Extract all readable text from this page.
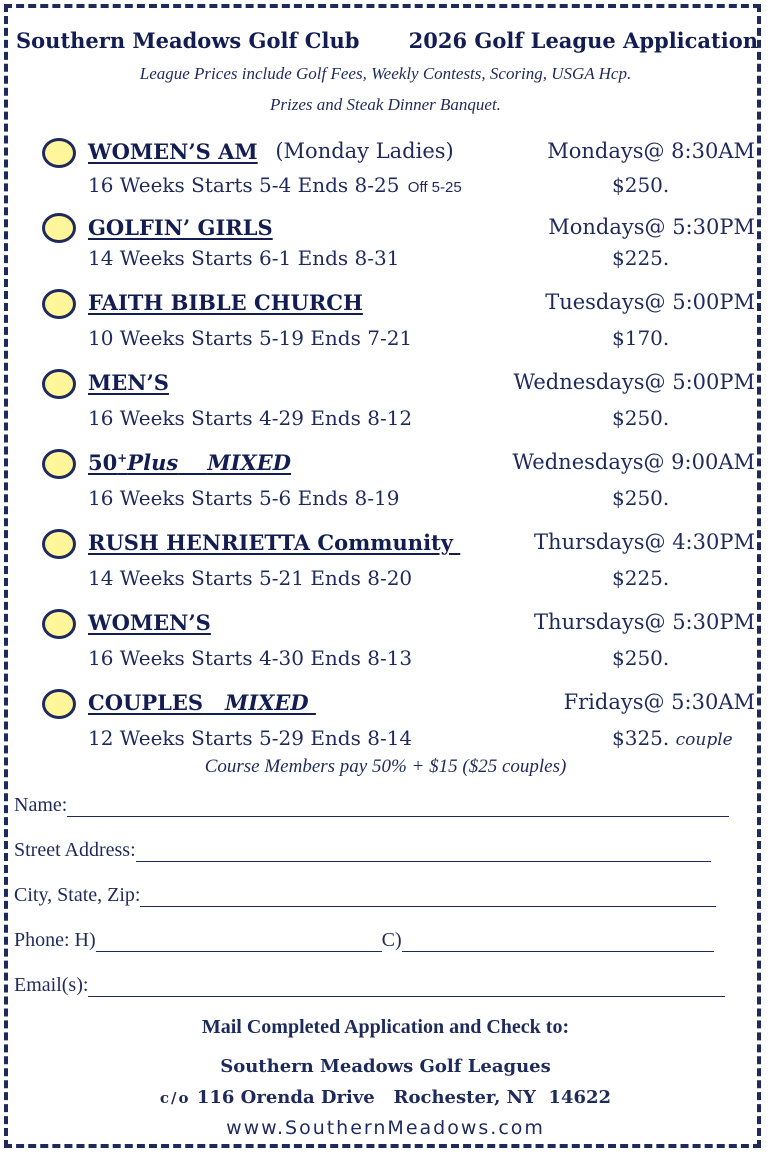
Southern Meadows Golf Club 2026 Golf League Application
League Prices include Golf Fees, Weekly Contests, Scoring, USGA Hcp.
Prizes and Steak Dinner Banquet.
WOMEN’S AM (Monday Ladies)	Mondays@ 8:30AM
16 Weeks Starts 5-4 Ends 8-25  Off 5-25	$250.
GOLFIN’ GIRLS	Mondays@ 5:30PM
14 Weeks Starts 6-1 Ends 8-31	$225.
FAITH BIBLE CHURCH	Tuesdays@ 5:00PM
10 Weeks Starts 5-19 Ends 7-21	$170.
MEN’S	Wednesdays@ 5:00PM
16 Weeks Starts 4-29 Ends 8-12	$250.
50+Plus MIXED	Wednesdays@ 9:00AM
16 Weeks Starts 5-6 Ends 8-19	$250.
RUSH HENRIETTA Community	Thursdays@ 4:30PM
14 Weeks Starts 5-21 Ends 8-20	$225.
WOMEN’S	Thursdays@ 5:30PM
16 Weeks Starts 4-30 Ends 8-13	$250.
COUPLES MIXED	Fridays@ 5:30AM
12 Weeks Starts 5-29 Ends 8-14	$325. couple
Course Members pay 50% + $15 ($25 couples)
Name:
Street Address:
City, State, Zip:
Phone: H)	C)
Email(s):
Mail Completed Application and Check to:
Southern Meadows Golf Leagues
c/o 116 Orenda Drive   Rochester, NY  14622
www.SouthernMeadows.com
